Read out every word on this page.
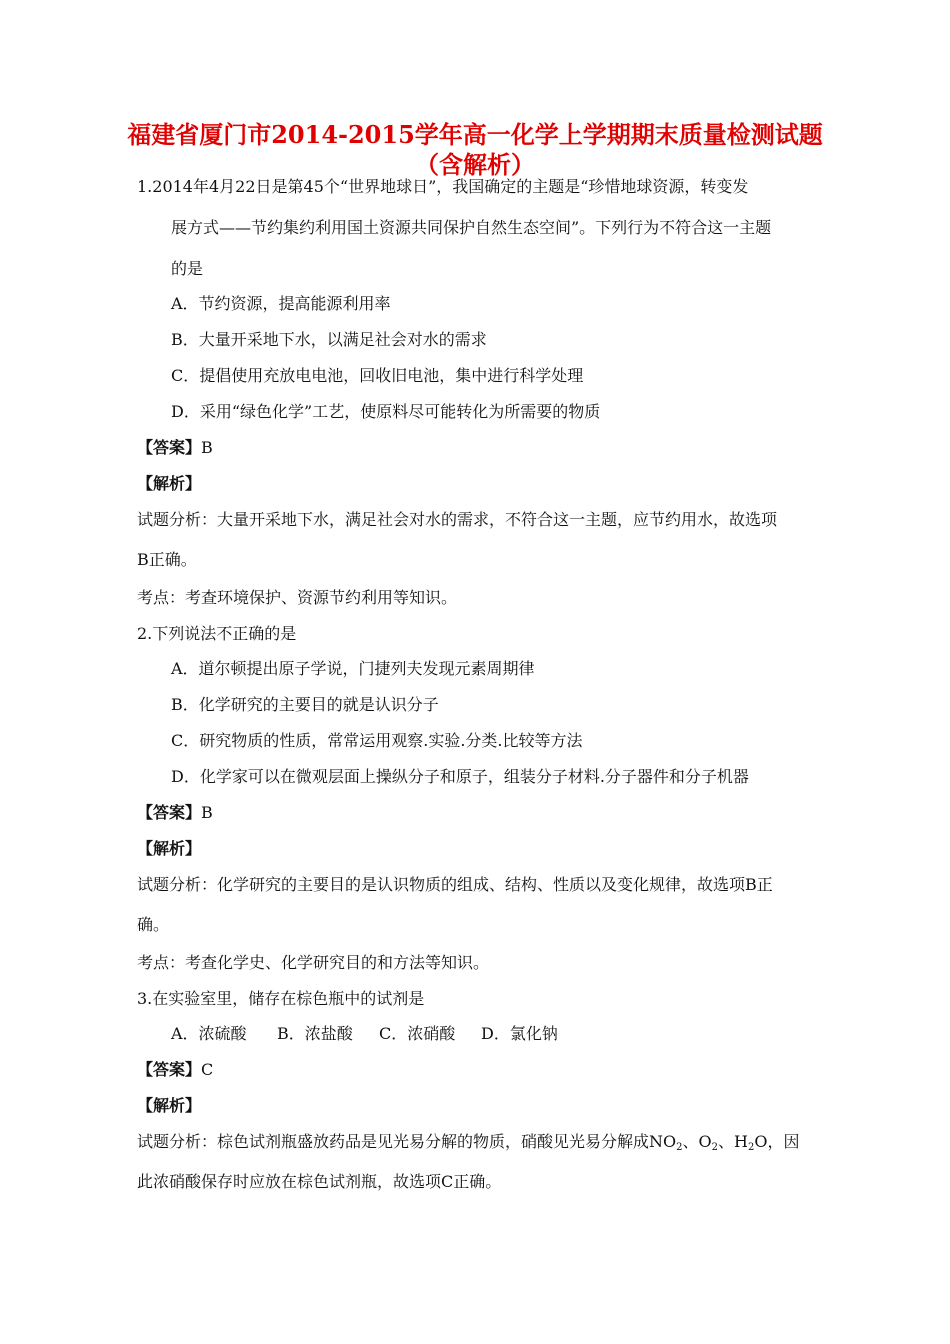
福建省厦门市2014-2015学年高一化学上学期期末质量检测试题（含解析）
1.2014年4月22日是第45个“世界地球日”，我国确定的主题是“珍惜地球资源，转变发
展方式——节约集约利用国土资源共同保护自然生态空间”。下列行为不符合这一主题
的是
A．节约资源，提高能源利用率
B．大量开采地下水，以满足社会对水的需求
C．提倡使用充放电电池，回收旧电池，集中进行科学处理
D．采用“绿色化学”工艺，使原料尽可能转化为所需要的物质
【答案】B
【解析】
试题分析：大量开采地下水，满足社会对水的需求，不符合这一主题，应节约用水，故选项
B正确。
考点：考查环境保护、资源节约利用等知识。
2.下列说法不正确的是
A．道尔顿提出原子学说，门捷列夫发现元素周期律
B．化学研究的主要目的就是认识分子
C．研究物质的性质，常常运用观察.实验.分类.比较等方法
D．化学家可以在微观层面上操纵分子和原子，组装分子材料.分子器件和分子机器
【答案】B
【解析】
试题分析：化学研究的主要目的是认识物质的组成、结构、性质以及变化规律，故选项B正
确。
考点：考查化学史、化学研究目的和方法等知识。
3.在实验室里，储存在棕色瓶中的试剂是
A．浓硫酸 B．浓盐酸 C．浓硝酸 D．氯化钠
【答案】C
【解析】
试题分析：棕色试剂瓶盛放药品是见光易分解的物质，硝酸见光易分解成$NO_2$、$O_2$、$H_2O$，因
此浓硝酸保存时应放在棕色试剂瓶，故选项C正确。
